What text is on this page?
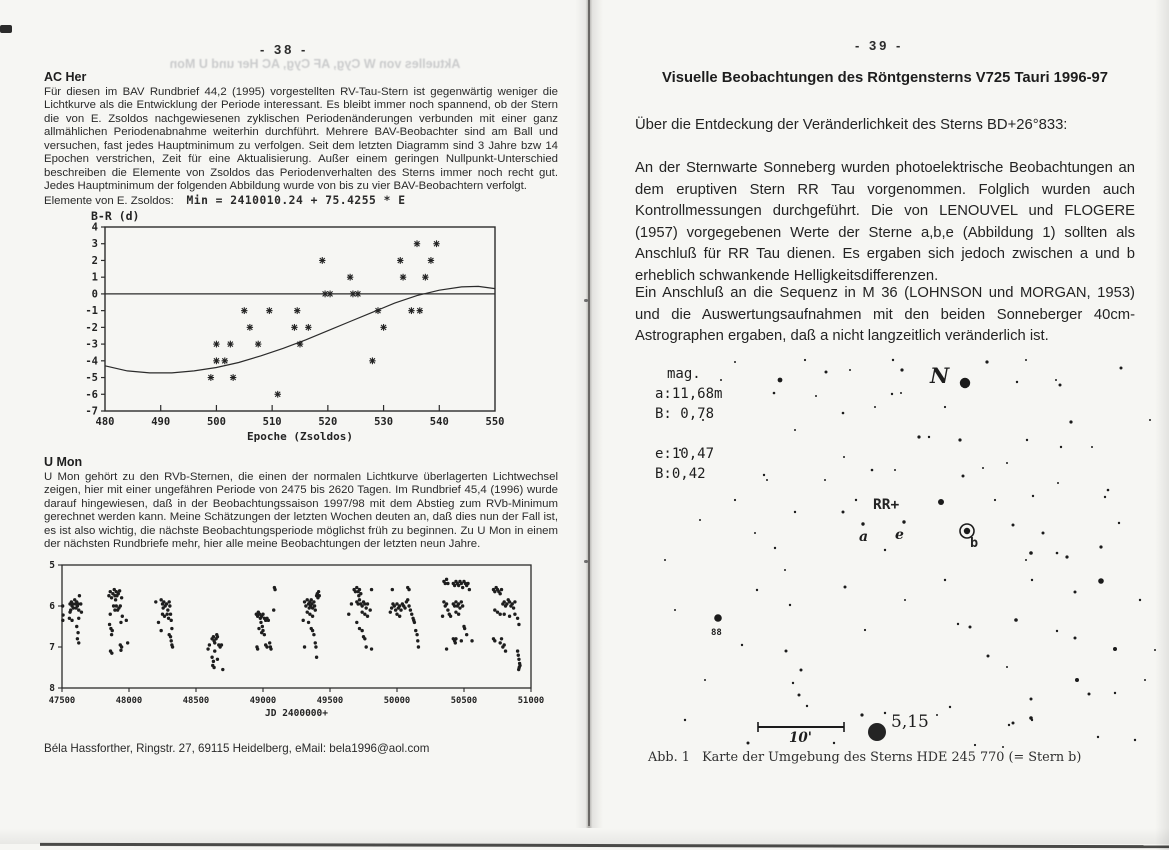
- 38 -
Aktuelles von W Cyg, AF Cyg, AC Her und U Mon
AC Her
Für diesen im BAV Rundbrief 44,2 (1995) vorgestellten RV-Tau-Stern ist gegenwärtig weniger die Lichtkurve als die Entwicklung der Periode interessant. Es bleibt immer noch spannend, ob der Stern die von E. Zsoldos nachgewiesenen zyklischen Periodenänderungen verbunden mit einer ganz allmählichen Periodenabnahme weiterhin durchführt. Mehrere BAV-Beobachter sind am Ball und versuchen, fast jedes Hauptminimum zu verfolgen. Seit dem letzten Diagramm sind 3 Jahre bzw 14 Epochen verstrichen, Zeit für eine Aktualisierung. Außer einem geringen Nullpunkt-Unterschied beschreiben die Elemente von Zsoldos das Periodenverhalten des Sterns immer noch recht gut. Jedes Hauptminimum der folgenden Abbildung wurde von bis zu vier BAV-Beobachtern verfolgt.
Elemente von E. Zsoldos: Min = 2410010.24 + 75.4255 * E
B-R (d)
4
3
2
1
0
-1
-2
-3
-4
-5
-6
-7
480	490	500	510	520	530	540	550
Epoche (Zsoldos)
U Mon
U Mon gehört zu den RVb-Sternen, die einen der normalen Lichtkurve überlagerten Lichtwechsel zeigen, hier mit einer ungefähren Periode von 2475 bis 2620 Tagen. Im Rundbrief 45,4 (1996) wurde darauf hingewiesen, daß in der Beobachtungssaison 1997/98 mit dem Abstieg zum RVb-Minimum gerechnet werden kann. Meine Schätzungen der letzten Wochen deuten an, daß dies nun der Fall ist, es ist also wichtig, die nächste Beobachtungsperiode möglichst früh zu beginnen. Zu U Mon in einem der nächsten Rundbriefe mehr, hier alle meine Beobachtungen der letzten neun Jahre.
5
6
7
8
47500	48000	48500	49000	49500	50000	50500	51000
JD 2400000+
Béla Hassforther, Ringstr. 27, 69115 Heidelberg, eMail: bela1996@aol.com
- 39 -
Visuelle Beobachtungen des Röntgensterns V725 Tauri 1996-97
Über die Entdeckung der Veränderlichkeit des Sterns BD+26°833:
An der Sternwarte Sonneberg wurden photoelektrische Beobachtungen an dem eruptiven Stern RR Tau vorgenommen. Folglich wurden auch Kontrollmessungen durchgeführt. Die von LENOUVEL und FLOGERE (1957) vorgegebenen Werte der Sterne a,b,e (Abbildung 1) sollten als Anschluß für RR Tau dienen. Es ergaben sich jedoch zwischen a und b erheblich schwankende Helligkeitsdifferenzen.
Ein Anschluß an die Sequenz in M 36 (LOHNSON und MORGAN, 1953) und die Auswertungsaufnahmen mit den beiden Sonneberger 40cm-Astrographen ergaben, daß a nicht langzeitlich veränderlich ist.
mag.
a:11,68m
B: 0,78
e:10,47
B:0,42
N
RR+
a e
88
b
5,15
10'
Abb. 1   Karte der Umgebung des Sterns HDE 245 770 (= Stern b)
